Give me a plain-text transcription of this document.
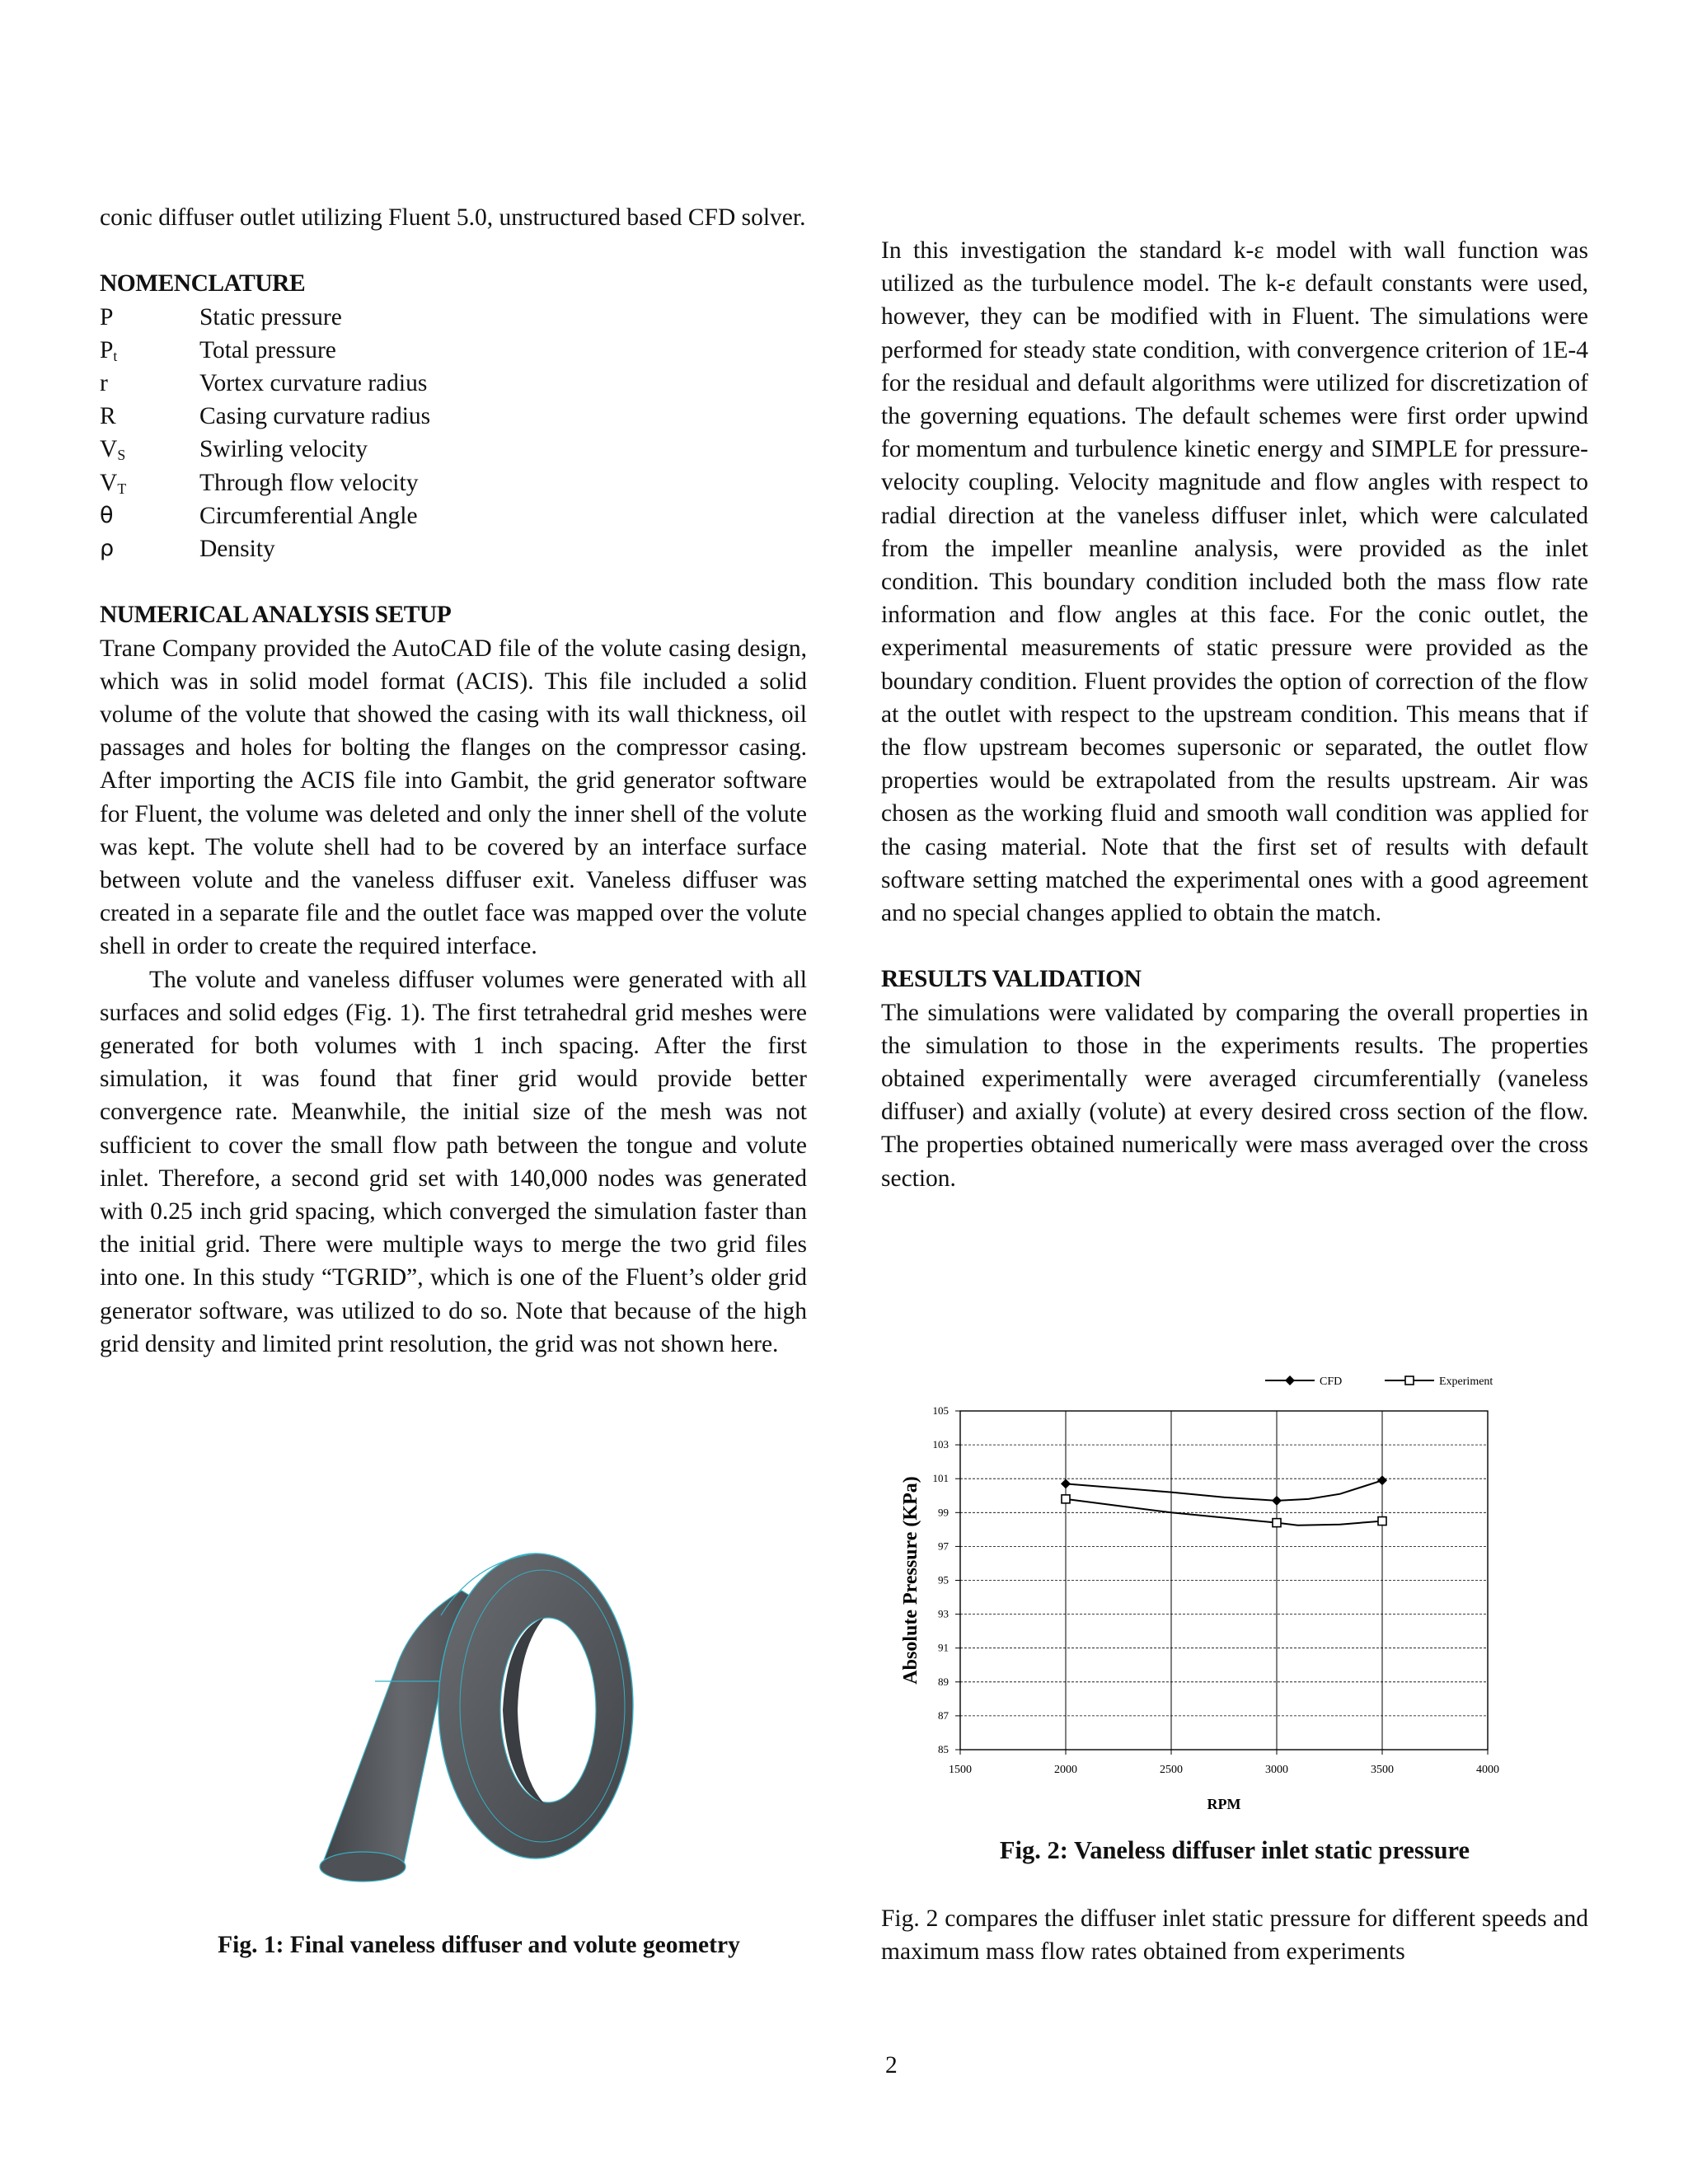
conic diffuser outlet utilizing Fluent 5.0, unstructured based CFD solver.

NOMENCLATURE

P	Static pressure
$P_t$	Total pressure
r	Vortex curvature radius
R	Casing curvature radius
$V_S$	Swirling velocity
$V_T$	Through flow velocity
θ	Circumferential Angle
ρ	Density

NUMERICAL ANALYSIS SETUP

Trane Company provided the AutoCAD file of the volute casing design, which was in solid model format (ACIS). This file included a solid volume of the volute that showed the casing with its wall thickness, oil passages and holes for bolting the flanges on the compressor casing. After importing the ACIS file into Gambit, the grid generator software for Fluent, the volume was deleted and only the inner shell of the volute was kept. The volute shell had to be covered by an interface surface between volute and the vaneless diffuser exit. Vaneless diffuser was created in a separate file and the outlet face was mapped over the volute shell in order to create the required interface.

The volute and vaneless diffuser volumes were generated with all surfaces and solid edges (Fig. 1). The first tetrahedral grid meshes were generated for both volumes with 1 inch spacing. After the first simulation, it was found that finer grid would provide better convergence rate. Meanwhile, the initial size of the mesh was not sufficient to cover the small flow path between the tongue and volute inlet. Therefore, a second grid set with 140,000 nodes was generated with 0.25 inch grid spacing, which converged the simulation faster than the initial grid. There were multiple ways to merge the two grid files into one. In this study “TGRID”, which is one of the Fluent’s older grid generator software, was utilized to do so. Note that because of the high grid density and limited print resolution, the grid was not shown here.

Fig. 1: Final vaneless diffuser and volute geometry

In this investigation the standard k-ε model with wall function was utilized as the turbulence model. The k-ε default constants were used, however, they can be modified with in Fluent. The simulations were performed for steady state condition, with convergence criterion of 1E-4 for the residual and default algorithms were utilized for discretization of the governing equations. The default schemes were first order upwind for momentum and turbulence kinetic energy and SIMPLE for pressure-velocity coupling. Velocity magnitude and flow angles with respect to radial direction at the vaneless diffuser inlet, which were calculated from the impeller meanline analysis, were provided as the inlet condition. This boundary condition included both the mass flow rate information and flow angles at this face. For the conic outlet, the experimental measurements of static pressure were provided as the boundary condition. Fluent provides the option of correction of the flow at the outlet with respect to the upstream condition. This means that if the flow upstream becomes supersonic or separated, the outlet flow properties would be extrapolated from the results upstream. Air was chosen as the working fluid and smooth wall condition was applied for the casing material. Note that the first set of results with default software setting matched the experimental ones with a good agreement and no special changes applied to obtain the match.

RESULTS VALIDATION

The simulations were validated by comparing the overall properties in the simulation to those in the experiments results. The properties obtained experimentally were averaged circumferentially (vaneless diffuser) and axially (volute) at every desired cross section of the flow. The properties obtained numerically were mass averaged over the cross section.

85
87
89
91
93
95
97
99
101
103
105
1500	2000	2500	3000	3500	4000
RPM
Absolute Pressure (KPa)
CFD	Experiment
Fig. 2: Vaneless diffuser inlet static pressure

Fig. 2 compares the diffuser inlet static pressure for different speeds and maximum mass flow rates obtained from experiments

2
